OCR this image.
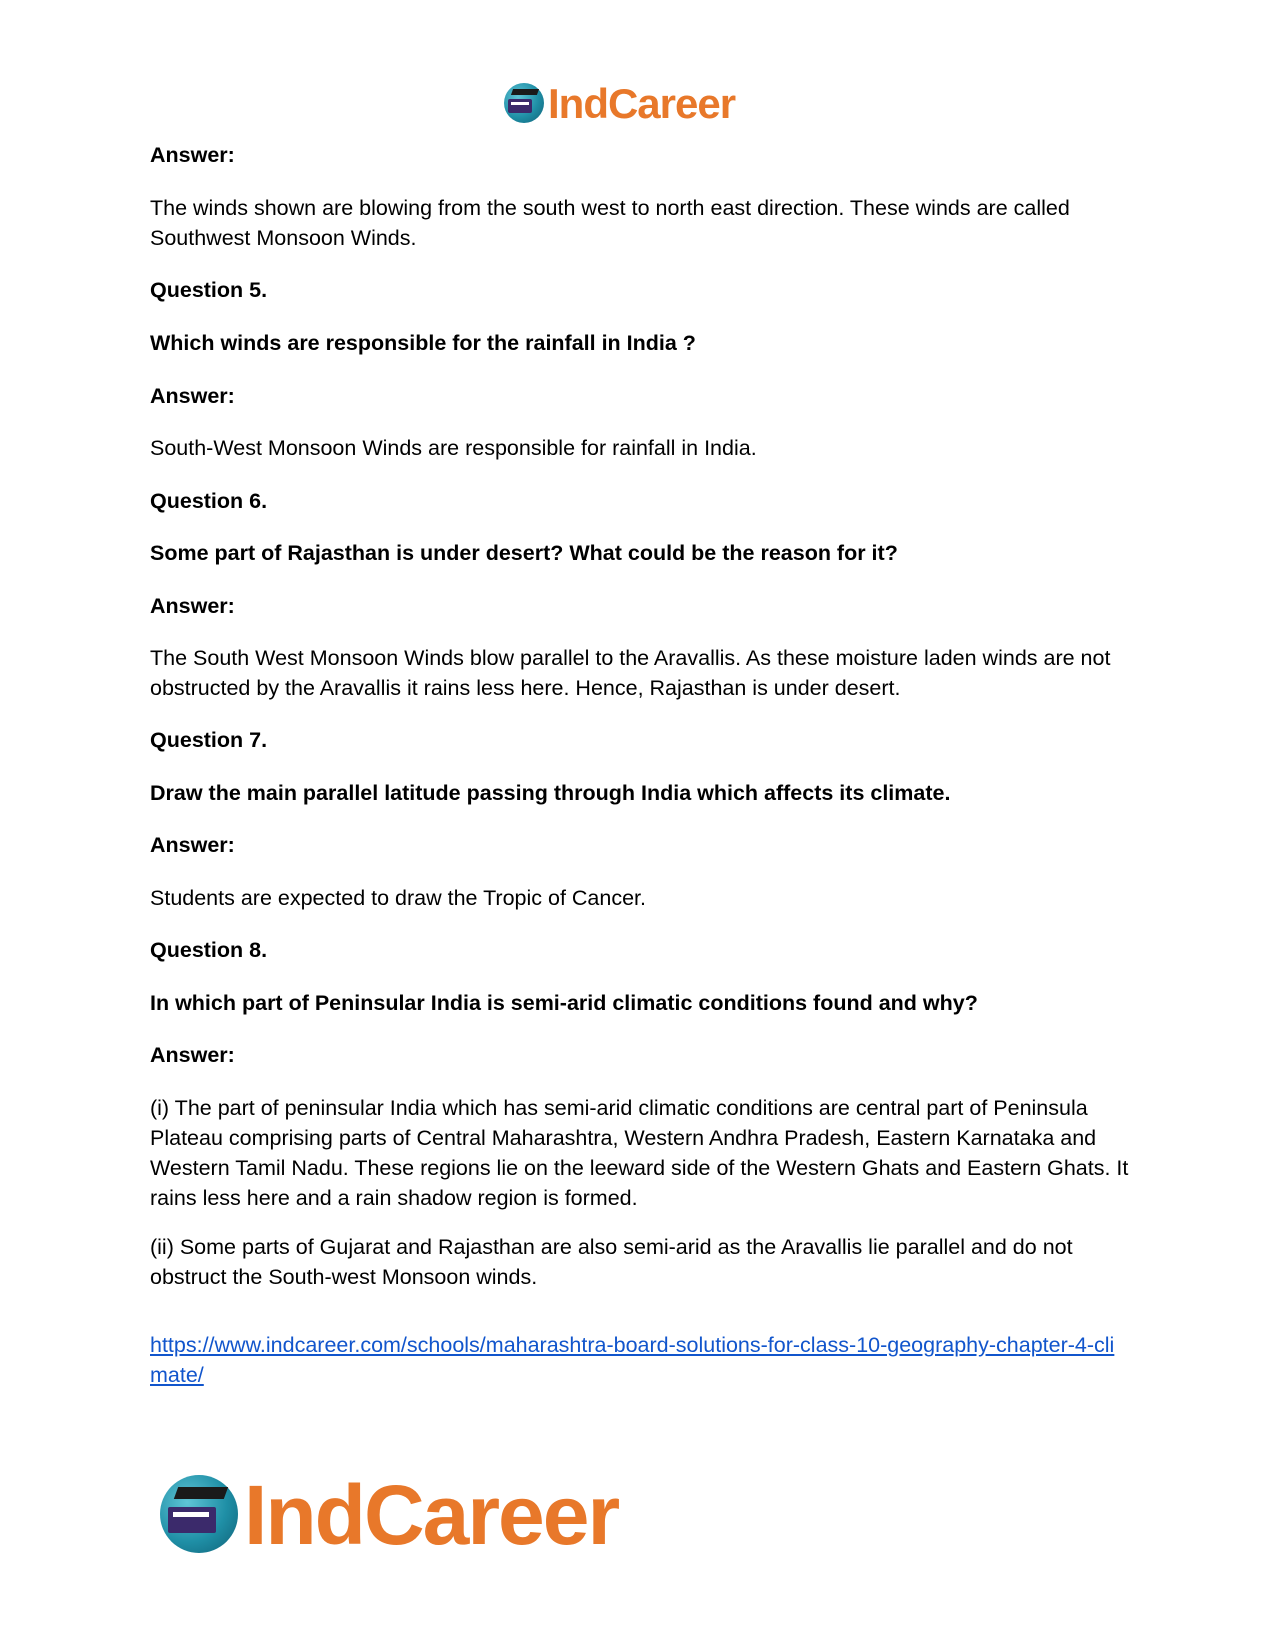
IndCareer

Answer:

The winds shown are blowing from the south west to north east direction. These winds are called Southwest Monsoon Winds.

Question 5.

Which winds are responsible for the rainfall in India ?

Answer:

South-West Monsoon Winds are responsible for rainfall in India.

Question 6.

Some part of Rajasthan is under desert? What could be the reason for it?

Answer:

The South West Monsoon Winds blow parallel to the Aravallis. As these moisture laden winds are not obstructed by the Aravallis it rains less here. Hence, Rajasthan is under desert.

Question 7.

Draw the main parallel latitude passing through India which affects its climate.

Answer:

Students are expected to draw the Tropic of Cancer.

Question 8.

In which part of Peninsular India is semi-arid climatic conditions found and why?

Answer:

(i) The part of peninsular India which has semi-arid climatic conditions are central part of Peninsula Plateau comprising parts of Central Maharashtra, Western Andhra Pradesh, Eastern Karnataka and Western Tamil Nadu. These regions lie on the leeward side of the Western Ghats and Eastern Ghats. It rains less here and a rain shadow region is formed.

(ii) Some parts of Gujarat and Rajasthan are also semi-arid as the Aravallis lie parallel and do not obstruct the South-west Monsoon winds.

https://www.indcareer.com/schools/maharashtra-board-solutions-for-class-10-geography-chapter-4-climate/
IndCareer
